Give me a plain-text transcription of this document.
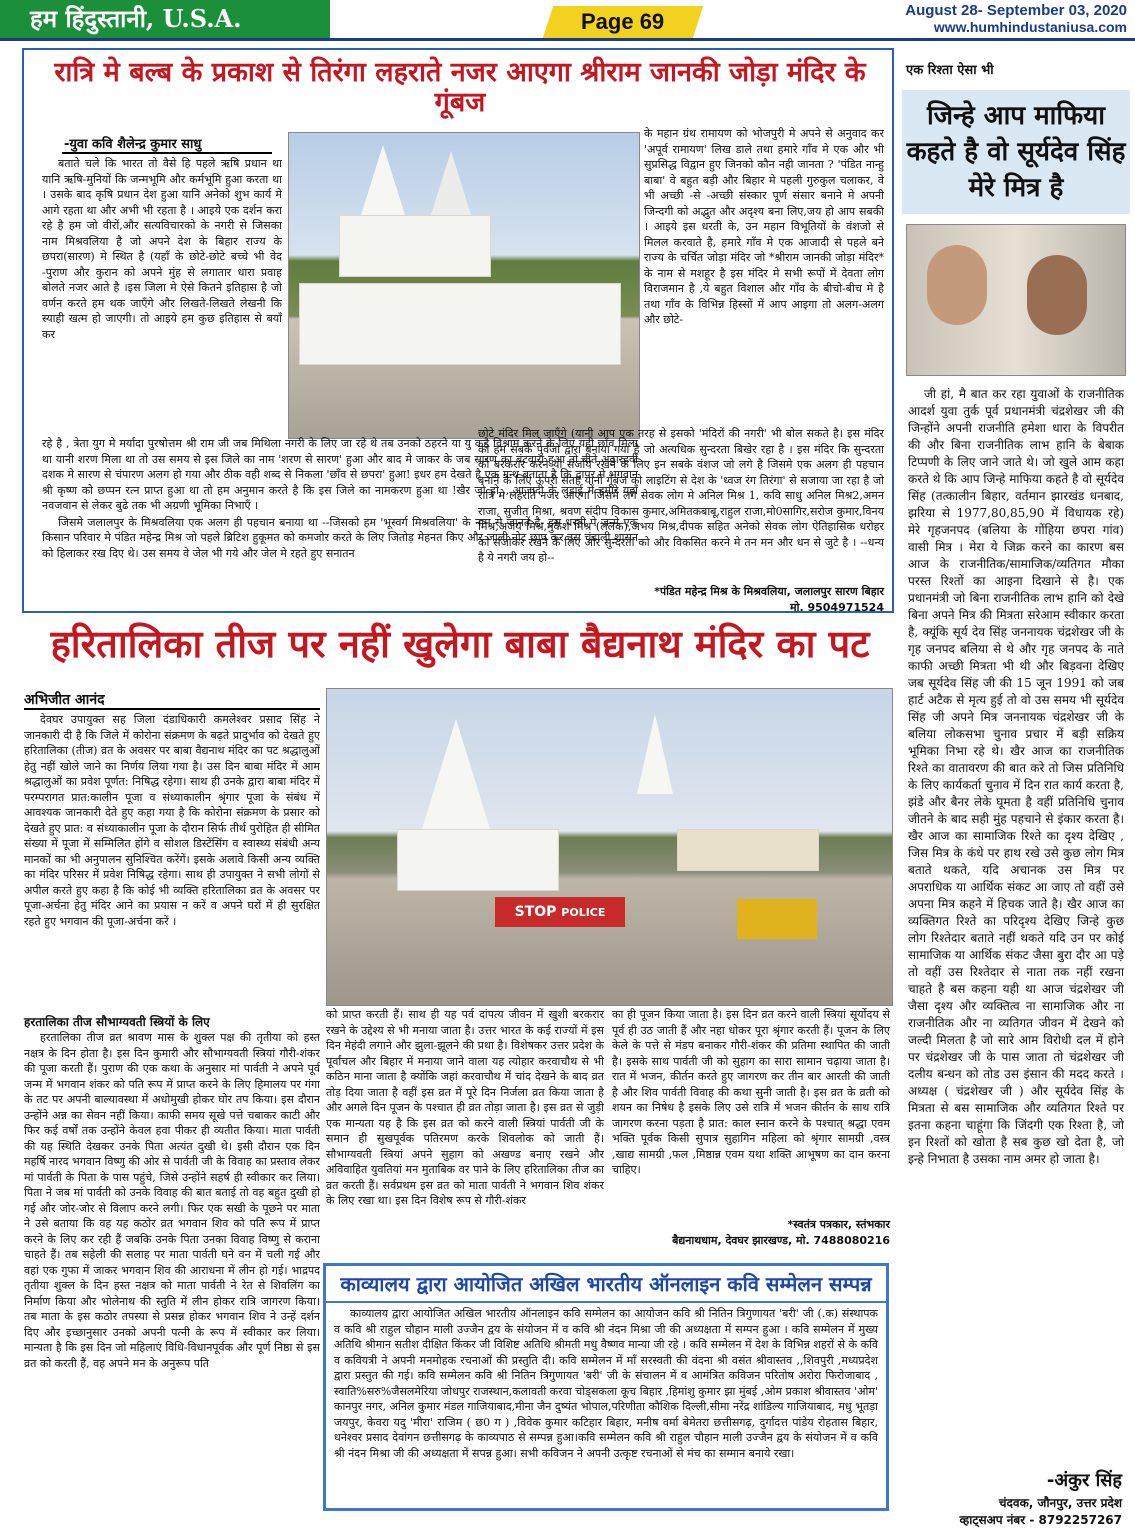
हम हिंदुस्तानी, U.S.A.	Page 69	August 28- September 03, 2020
www.humhindustaniusa.com
रात्रि मे बल्ब के प्रकाश से तिरंगा लहराते नजर आएगा श्रीराम जानकी जोड़ा मंदिर के गूंबज
-युवा कवि शैलेन्द्र कुमार साधु

बताते चले कि भारत तो वैसे हि पहले ऋषि प्रधान था यानि ऋषि-मुनियों कि जन्मभूमि और कर्मभूमि हुआ करता था । उसके बाद कृषि प्रधान देश हुआ यानि अनेको शुभ कार्य मे आगे रहता था और अभी भी रहता है । आइये एक दर्शन करा रहे है हम जो वीरों,और सत्यविचारको के नगरी से जिसका नाम मिश्रवलिया है जो अपने देश के बिहार राज्य के छपरा(सारण) मे स्थित है (यहाँ के छोटे-छोटे बच्चे भी वेद -पुराण और कुरान को अपने मुंह से लगातार धारा प्रवाह बोलते नजर आते है ।इस जिला मे ऐसे कितने इतिहास है जो वर्णन करते हम थक जाएँगे और लिखते-लिखते लेखनी कि स्याही खत्म हो जाएगी। तो आइये हम कुछ इतिहास से बयाँ कर

रहे है , त्रेता युग मे मर्यादा पुरषोत्तम श्री राम जी जब मिथिला नगरी के लिए जा रहे थे तब उनको ठहरने या यु कहै विश्राम करने के लिए यही छाँव मिला था यानी शरण मिला था तो उस समय से इस जिले का नाम 'शरण से सारण' हुआ और बाद मे जाकर के जब सारण का बंटवारा हुआ तो बीते अठ्ठारहवीं दशक मे सारण से चंपारण अलग हो गया और ठीक वही शब्द से निकला 'छाँव से छपरा' हुआ! इधर हम देखते है एक ग्रन्थ बताता है कि द्वापर मे भगवान श्री कृष्ण को छप्पन रत्न प्राप्त हुआ था तो हम अनुमान करते है कि इस जिले का नामकरण हुआ था !खैर जो हो,,,,आजादी के लड़ाई में हमारे यहाँ नवजवान से लेकर बुढे तक भी अग्रणी भूमिका निभाएँ ।

जिसमे जलालपुर के मिश्रवलिया एक अलग ही पहचान बनाया था --जिसको हम 'भूस्वर्ग मिश्रवलिया' के नाम से जानतें है- इस धरती पे जन्मे एक किसान परिवार मे पंडित महेन्द्र मिश्र जो पहले ब्रिटिश हुकूमत को कमजोर करते के लिए जितोड़ मेहनत किए और जाली नोट छाप कर उस चंडाली शासन को हिलाकर रख दिए थे। उस समय वे जेल भी गये और जेल मे रहते हुए सनातन

के महान ग्रंथ रामायण को भोजपुरी मे अपने से अनुवाद कर 'अपूर्व रामायण' लिख डाले तथा हमारे गाँव मे एक और भी सुप्रसिद्ध विद्वान हुए जिनको कौन नही जानता ? 'पंडित नान्हु बाबा' वे बहुत बड़ी और बिहार मे पहली गुरुकुल चलाकर, वे भी अच्छी -से -अच्छी संस्कार पूर्ण संसार बनाने मे अपनी जिन्दगी को अद्भुत और अदृश्य बना लिए,जय हो आप सबकी । आइये इस धरती के, उन महान विभूतियों के वंशजो से मिलल करवाते है, हमारे गाँव मे एक आजादी से पहले बने राज्य के चर्चित जोड़ा मंदिर जो *श्रीराम जानकी जोड़ा मंदिर* के नाम से मशहूर है इस मंदिर मे सभी रूपों में देवता लोग विराजमान है ,ये बहुत विशाल और गाँव के बीचो-बीच मे है तथा गाँव के विभिन्न हिस्सों में आप आइगा तो अलग-अलग और छोटे-

छोटे मंदिर मिल जाएँगे (यानी आप एक तरह से इसको 'मंदिरों की नगरी' भी बोल सकते है। इस मंदिर को हम सबके पुर्वजो द्वारा बनाया गया है जो अत्यधिक सुन्दरता बिखेर रहा है । इस मंदिर कि सुन्दरता को बरकरार करने या संजोये रखने के लिए इन सबके वंशज जो लगे है जिसमे एक अलग ही पहचान बनाने के लिए ऊपरी सतह यानी गूँबज को लाइटिंग से देश के 'ध्वज रंग तिरंगा' से सजाया जा रहा है जो रात्रि मे लहराते नजर आएगा जिसमे लगे सेवक लोग मे अनिल मिश्र 1, कवि साधु अनिल मिश्र2,अमन राजा, सुजीत मिश्रा, श्रवण संदीप विकास कुमार,अमितकबाबू,राहुल राजा,मो0सागिर,सरोज कुमार,विनय मिश्र,अजय मिश्र,मुकेश मिश्र (ललक),अभय मिश्र,दीपक सहित अनेको सेवक लोग ऐतिहासिक धरोहर को संजोकर रखने के लिए और सुन्दरता को और विकसित करने मे तन मन और धन से जुटे है । --धन्य है ये नगरी जय हो--

*पंडित महेन्द्र मिश्र के मिश्रवलिया, जलालपुर सारण बिहार
मो. 9504971524
हरितालिका तीज पर नहीं खुलेगा बाबा बैद्यनाथ मंदिर का पट
अभिजीत आनंद

देवघर उपायुक्त सह जिला दंडाधिकारी कमलेश्वर प्रसाद सिंह ने जानकारी दी है कि जिले में कोरोना संक्रमण के बढ़ते प्रादुर्भाव को देखते हुए हरितालिका (तीज) व्रत के अवसर पर बाबा वैद्यनाथ मंदिर का पट श्रद्धालुओं हेतु नहीं खोले जाने का निर्णय लिया गया है। उस दिन बाबा मंदिर में आम श्रद्धालुओं का प्रवेश पूर्णत: निषिद्ध रहेगा। साथ ही उनके द्वारा बाबा मंदिर में परम्परागत प्रात:कालीन पूजा व संध्याकालीन श्रृंगार पूजा के संबंध में आवश्यक जानकारी देते हुए कहा गया है कि कोरोना संक्रमण के प्रसार को देखते हुए प्रात: व संध्याकालीन पूजा के दौरान सिर्फ तीर्थ पुरोहित ही सीमित संख्या में पूजा में सम्मिलित होंगे व सोशल डिस्टेंसिंग व स्वास्थ्य संबंधी अन्य मानकों का भी अनुपालन सुनिश्चित करेंगें। इसके अलावे किसी अन्य व्यक्ति का मंदिर परिसर में प्रवेश निषिद्ध रहेगा। साथ ही उपायुक्त ने सभी लोगों से अपील करते हुए कहा है कि कोई भी व्यक्ति हरितालिका व्रत के अवसर पर पूजा-अर्चना हेतु मंदिर आने का प्रयास न करें व अपने घरों में ही सुरक्षित रहते हुए भगवान की पूजा-अर्चना करें ।

हरतालिका तीज सौभाग्यवती स्त्रियों के लिए

हरतालिका तीज व्रत श्रावण मास के शुक्ल पक्ष की तृतीया को हस्त नक्षत्र के दिन होता है। इस दिन कुमारी और सौभाग्यवती स्त्रियां गौरी-शंकर की पूजा करती हैं। पुराण की एक कथा के अनुसार मां पार्वती ने अपने पूर्व जन्म में भगवान शंकर को पति रूप में प्राप्त करने के लिए हिमालय पर गंगा के तट पर अपनी बाल्यावस्था में अधोमुखी होकर घोर तप किया। इस दौरान उन्होंने अन्न का सेवन नहीं किया। काफी समय सूखे पत्ते चबाकर काटी और फिर कई वर्षों तक उन्होंने केवल हवा पीकर ही व्यतीत किया। माता पार्वती की यह स्थिति देखकर उनके पिता अत्यंत दुखी थे। इसी दौरान एक दिन महर्षि नारद भगवान विष्णु की ओर से पार्वती जी के विवाह का प्रस्ताव लेकर मां पार्वती के पिता के पास पहुंचे, जिसे उन्होंने सहर्ष ही स्वीकार कर लिया। पिता ने जब मां पार्वती को उनके विवाह की बात बताई तो वह बहुत दुखी हो गई और जोर-जोर से विलाप करने लगी। फिर एक सखी के पूछने पर माता ने उसे बताया कि वह यह कठोर व्रत भगवान शिव को पति रूप में प्राप्त करने के लिए कर रही हैं जबकि उनके पिता उनका विवाह विष्णु से कराना चाहते हैं। तब सहेली की सलाह पर माता पार्वती घने वन में चली गई और वहां एक गुफा में जाकर भगवान शिव की आराधना में लीन हो गई। भाद्रपद तृतीया शुक्ल के दिन हस्त नक्षत्र को माता पार्वती ने रेत से शिवलिंग का निर्माण किया और भोलेनाथ की स्तुति में लीन होकर रात्रि जागरण किया। तब माता के इस कठोर तपस्या से प्रसन्न होकर भगवान शिव ने उन्हें दर्शन दिए और इच्छानुसार उनको अपनी पत्नी के रूप में स्वीकार कर लिया। मान्यता है कि इस दिन जो महिलाएं विधि-विधानपूर्वक और पूर्ण निष्ठा से इस व्रत को करती हैं, वह अपने मन के अनुरूप पति

STOP POLICE

को प्राप्त करती हैं। साथ ही यह पर्व दांपत्य जीवन में खुशी बरकरार रखने के उद्देश्य से भी मनाया जाता है। उत्तर भारत के कई राज्यों में इस दिन मेहंदी लगाने और झुला-झूलने की प्रथा है। विशेषकर उत्तर प्रदेश के पूर्वांचल और बिहार में मनाया जाने वाला यह त्योहार करवाचौथ से भी कठिन माना जाता है क्योंकि जहां करवाचौथ में चांद देखने के बाद व्रत तोड़ दिया जाता है वहीं इस व्रत में पूरे दिन निर्जला व्रत किया जाता है और अगले दिन पूजन के पश्चात ही व्रत तोड़ा जाता है। इस व्रत से जुड़ी एक मान्यता यह है कि इस व्रत को करने वाली स्त्रियां पार्वती जी के समान ही सुखपूर्वक पतिरमण करके शिवलोक को जाती हैं। सौभाग्यवती स्त्रियां अपने सुहाग को अखण्ड बनाए रखने और अविवाहित युवतियां मन मुताबिक वर पाने के लिए हरितालिका तीज का व्रत करती हैं। सर्वप्रथम इस व्रत को माता पार्वती ने भगवान शिव शंकर के लिए रखा था। इस दिन विशेष रूप से गौरी-शंकर

का ही पूजन किया जाता है। इस दिन व्रत करने वाली स्त्रियां सूर्योदय से पूर्व ही उठ जाती हैं और नहा धोकर पूरा श्रृंगार करती हैं। पूजन के लिए केले के पत्ते से मंडप बनाकर गौरी-शंकर की प्रतिमा स्थापित की जाती है। इसके साथ पार्वती जी को सुहाग का सारा सामान चढ़ाया जाता है। रात में भजन, कीर्तन करते हुए जागरण कर तीन बार आरती की जाती है और शिव पार्वती विवाह की कथा सुनी जाती है। इस व्रत के व्रती को शयन का निषेध है इसके लिए उसे रात्रि में भजन कीर्तन के साथ रात्रि जागरण करना पड़ता है प्रात: काल स्नान करने के पश्चात् श्रद्धा एवम भक्ति पूर्वक किसी सुपात्र सुहागिन महिला को श्रृंगार सामग्री ,वस्त्र ,खाद्य सामग्री ,फल ,मिष्ठान्न एवम यथा शक्ति आभूषण का दान करना चाहिए।

*स्वतंत्र पत्रकार, स्तंभकार
बैद्यनाथधाम, देवघर झारखण्ड, मो. 7488080216
काव्यालय द्वारा आयोजित अखिल भारतीय ऑनलाइन कवि सम्मेलन सम्पन्न

काव्यालय द्वारा आयोजित अखिल भारतीय ऑनलाइन कवि सम्मेलन का आयोजन कवि श्री नितिन त्रिगुणायत 'बरी' जी (.क) संस्थापक व कवि श्री राहुल चौहान माली उज्जैन द्वय के संयोजन में व कवि श्री नंदन मिश्रा जी की अध्यक्षता में सम्पन हुआ । कवि सम्मेलन में मुख्य अतिथि श्रीमान सतीश दीक्षित किंकर जी विशिष्ट अतिथि श्रीमती मधु वैष्णव मान्या जी रहे । कवि सम्मेलन में देश के विभिन्न शहरों से के कवि व कवियत्री ने अपनी मनमोहक रचनाओं की प्रस्तुति दी। कवि सम्मेलन में माँ सरस्वती की वंदना श्री वसंत श्रीवास्तव ,,शिवपुरी ,मध्यप्रदेश द्वारा प्रस्तुत की गई। कवि सम्मेलन कवि श्री नितिन त्रिगुणायत 'बरी' जी के संचालन में व आमंत्रित कविजन परितोष अरोरा फिरोजाबाद , स्वाति%सरु%जैसलमेरिया जोधपुर राजस्थान,कलावती करवा चोड्सकला कूच बिहार ,हिमांशु कुमार झा मुंबई ,ओम प्रकाश श्रीवास्तव 'ओम' कानपुर नगर, अनिल कुमार मंडल गाजियाबाद,मीना जैन दुष्यंत भोपाल,परिणीता कौशिक दिल्ली,सीमा नरेंद्र शांडिल्य गाजियाबाद, मधु भूतड़ा जयपुर, केवरा यदु 'मीरा' राजिम ( छ0 ग ) ,विवेक कुमार कटिहार बिहार, मनीष वर्मा बेमेतरा छत्तीसगढ़, दुर्गादत्त पांडेय रोहतास बिहार, धनेश्वर प्रसाद देवांगन छत्तीसगढ़ के काव्यपाठ से सम्पन्न हुआ।कवि सम्मेलन कवि श्री राहुल चौहान माली उज्जैन द्वय के संयोजन में व कवि श्री नंदन मिश्रा जी की अध्यक्षता में सपन्न हुआ। सभी कविजन ने अपनी उत्कृष्ट रचनाओं से मंच का सम्मान बनाये रखा।

एक रिश्ता ऐसा भी
जिन्हे आप माफिया कहते है वो सूर्यदेव सिंह मेरे मित्र है

जी हां, मै बात कर रहा युवाओं के राजनीतिक आदर्श युवा तुर्क पूर्व प्रधानमंत्री चंद्रशेखर जी की जिन्होंने अपनी राजनीति हमेशा धारा के विपरीत की और बिना राजनीतिक लाभ हानि के बेबाक टिप्पणी के लिए जाने जाते थे। जो खुले आम कहा करते थे कि आप जिन्हे माफिया कहते है वो सूर्यदेव सिंह (तत्कालीन बिहार, वर्तमान झारखंड धनबाद, झरिया से 1977,80,85,90 में विधायक रहे) मेरे गृहजनपद (बलिया के गोंहिया छपरा गांव) वासी मित्र । मेरा ये जिक्र करने का कारण बस आज के राजनीतिक/सामाजिक/व्यतिगत मौका परस्त रिश्तों का आइना दिखाने से है। एक प्रधानमंत्री जो बिना राजनीतिक लाभ हानि को देखे बिना अपने मित्र की मित्रता सरेआम स्वीकार करता है, क्यूंकि सूर्य देव सिंह जननायक चंद्रशेखर जी के गृह जनपद बलिया से थे और गृह जनपद के नाते काफी अच्छी मित्रता भी थी और बिड़वना देखिए जब सूर्यदेव सिंह जी की 15 जून 1991 को जब हार्ट अटैक से मृत्य हुई तो वो उस समय भी सूर्यदेव सिंह जी अपने मित्र जननायक चंद्रशेखर जी के बलिया लोकसभा चुनाव प्रचार में बड़ी सक्रिय भूमिका निभा रहे थे। खैर आज का राजनीतिक रिश्ते का वातावरण की बात करे तो जिस प्रतिनिधि के लिए कार्यकर्ता चुनाव में दिन रात कार्य करता है, झंडे और बैनर लेके घूमता है वहीं प्रतिनिधि चुनाव जीतने के बाद सही मुंह पहचाने से इंकार करता है। खैर आज का सामाजिक रिश्ते का दृश्य देखिए , जिस मित्र के कंधे पर हाथ रखे उसे कुछ लोग मित्र बताते थकते, यदि अचानक उस मित्र पर अपराधिक या आर्थिक संकट आ जाए तो वहीं उसे अपना मित्र कहने में हिचक जाते है। खैर आज का व्यक्तिगत रिश्ते का परिदृश्य देखिए जिन्हे कुछ लोग रिश्तेदार बताते नहीं थकते यदि उन पर कोई सामाजिक या आर्थिक संकट जैसा बुरा दौर आ पड़े तो वहीं उस रिश्तेदार से नाता तक नहीं रखना चाहते है बस कहना यही था आज चंद्रशेखर जी जैसा दृश्य और व्यक्तित्व ना सामाजिक और ना राजनीतिक और ना व्यतिगत जीवन में देखने को जल्दी मिलता है जो सारे आम विरोधी दल में होने पर चंद्रशेखर जी के पास जाता तो चंद्रशेखर जी दलीय बन्धन को तोड उस इंसान की मदद करते । अध्यक्ष ( चंद्रशेखर जी ) और सूर्यदेव सिंह के मित्रता से बस सामाजिक और व्यतिगत रिश्ते पर इतना कहना चाहूंगा कि जिंदगी एक रिश्ता है, जो इन रिश्तों को खोता है सब कुछ खो देता है, जो इन्हे निभाता है उसका नाम अमर हो जाता है।

-अंकुर सिंह
चंदवक, जौनपुर, उत्तर प्रदेश
व्हाट्सअप नंबर - 8792257267
